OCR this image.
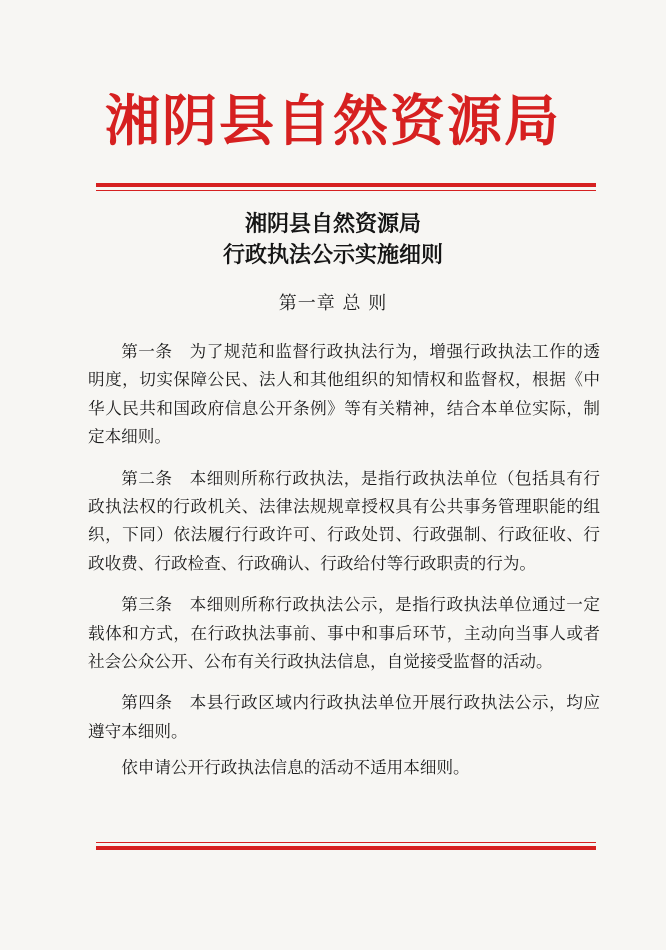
湘阴县自然资源局
湘阴县自然资源局
行政执法公示实施细则
第一章 总 则

第一条　 为了规范和监督行政执法行为，增强行政执法工作的透明度，切实保障公民、法人和其他组织的知情权和监督权，根据《中华人民共和国政府信息公开条例》等有关精神，结合本单位实际，制定本细则。

第二条　 本细则所称行政执法，是指行政执法单位（包括具有行政执法权的行政机关、法律法规规章授权具有公共事务管理职能的组织，下同）依法履行行政许可、行政处罚、行政强制、行政征收、行政收费、行政检查、行政确认、行政给付等行政职责的行为。

第三条　 本细则所称行政执法公示，是指行政执法单位通过一定载体和方式，在行政执法事前、事中和事后环节，主动向当事人或者社会公众公开、公布有关行政执法信息，自觉接受监督的活动。

第四条　 本县行政区域内行政执法单位开展行政执法公示，均应遵守本细则。

依申请公开行政执法信息的活动不适用本细则。
